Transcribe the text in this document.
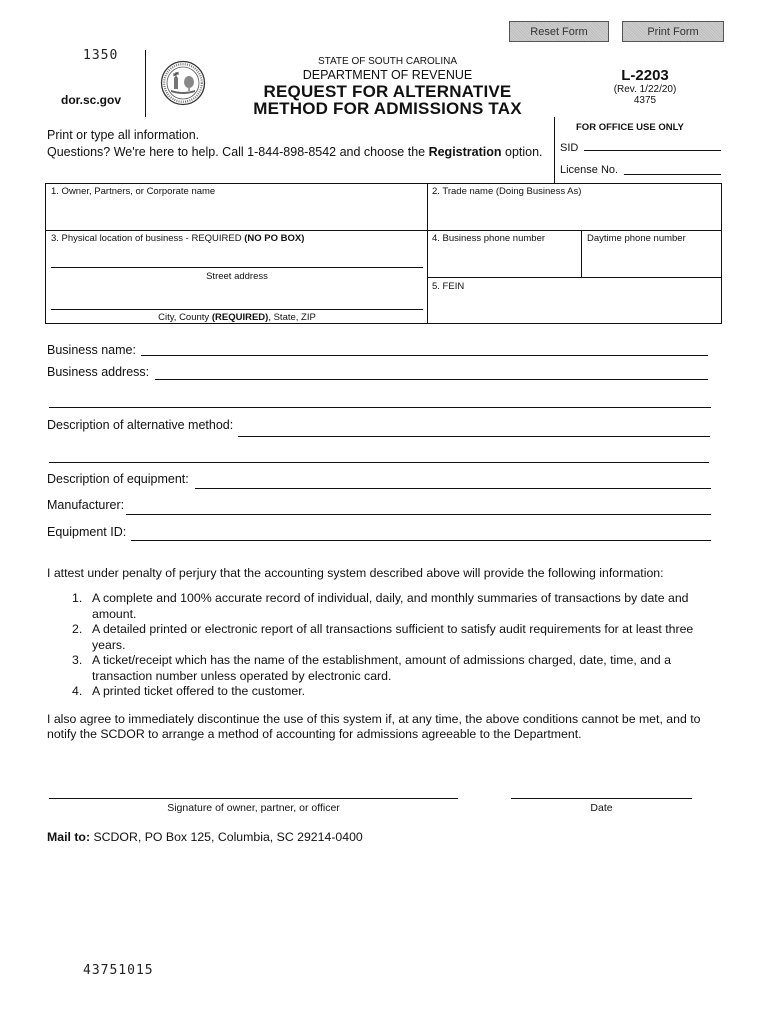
Reset Form	Print Form
1350
dor.sc.gov
STATE OF SOUTH CAROLINA
DEPARTMENT OF REVENUE
REQUEST FOR ALTERNATIVE
METHOD FOR ADMISSIONS TAX
L-2203
(Rev. 1/22/20)
4375
Print or type all information.
Questions? We're here to help. Call 1-844-898-8542 and choose the Registration option.
FOR OFFICE USE ONLY
SID
License No.
1. Owner, Partners, or Corporate name	2. Trade name (Doing Business As)
3. Physical location of business - REQUIRED (NO PO BOX)
Street address
City, County (REQUIRED), State, ZIP
4. Business phone number	Daytime phone number
5. FEIN
Business name:
Business address:
Description of alternative method:
Description of equipment:
Manufacturer:
Equipment ID:
I attest under penalty of perjury that the accounting system described above will provide the following information:
1. A complete and 100% accurate record of individual, daily, and monthly summaries of transactions by date and amount.
2. A detailed printed or electronic report of all transactions sufficient to satisfy audit requirements for at least three years.
3. A ticket/receipt which has the name of the establishment, amount of admissions charged, date, time, and a transaction number unless operated by electronic card.
4. A printed ticket offered to the customer.
I also agree to immediately discontinue the use of this system if, at any time, the above conditions cannot be met, and to notify the SCDOR to arrange a method of accounting for admissions agreeable to the Department.
Signature of owner, partner, or officer	Date
Mail to: SCDOR, PO Box 125, Columbia, SC 29214-0400
43751015
